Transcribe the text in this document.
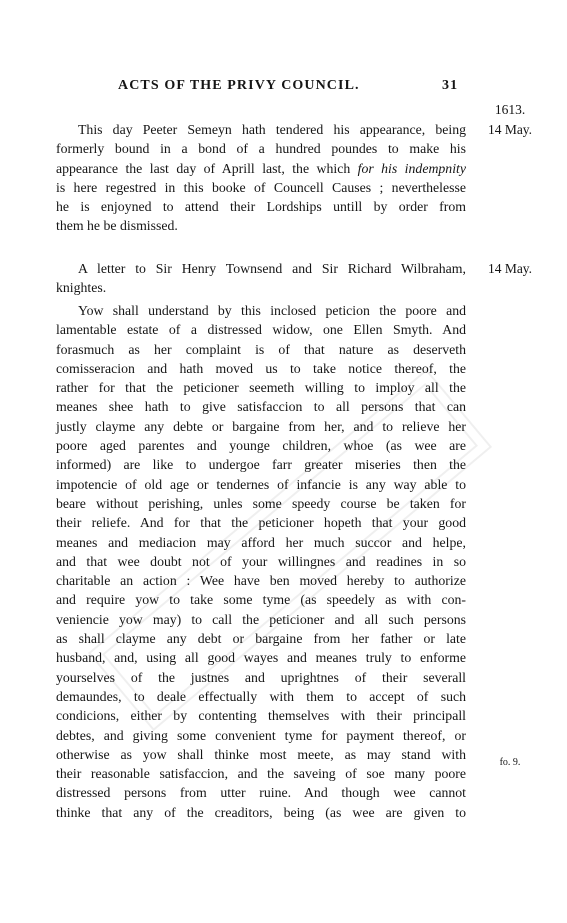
ACTS OF THE PRIVY COUNCIL.	31
1613.
14 May.
14 May.
fo. 9.
This day Peeter Semeyn hath tendered his appearance, being
formerly bound in a bond of a hundred poundes to make his
appearance the last day of Aprill last, the which for his indempnity
is here regestred in this booke of Councell Causes ; neverthelesse
he is enjoyned to attend their Lordships untill by order from
them he be dismissed.
A letter to Sir Henry Townsend and Sir Richard Wilbraham,
knightes.
Yow shall understand by this inclosed peticion the poore and
lamentable estate of a distressed widow, one Ellen Smyth. And
forasmuch as her complaint is of that nature as deserveth
comisseracion and hath moved us to take notice thereof, the
rather for that the peticioner seemeth willing to imploy all the
meanes shee hath to give satisfaccion to all persons that can
justly clayme any debte or bargaine from her, and to relieve her
poore aged parentes and younge children, whoe (as wee are
informed) are like to undergoe farr greater miseries then the
impotencie of old age or tendernes of infancie is any way able to
beare without perishing, unles some speedy course be taken for
their reliefe. And for that the peticioner hopeth that your good
meanes and mediacion may afford her much succor and helpe,
and that wee doubt not of your willingnes and readines in so
charitable an action : Wee have ben moved hereby to authorize
and require yow to take some tyme (as speedely as with con-
veniencie yow may) to call the peticioner and all such persons
as shall clayme any debt or bargaine from her father or late
husband, and, using all good wayes and meanes truly to enforme
yourselves of the justnes and uprightnes of their severall
demaundes, to deale effectually with them to accept of such
condicions, either by contenting themselves with their principall
debtes, and giving some convenient tyme for payment thereof, or
otherwise as yow shall thinke most meete, as may stand with
their reasonable satisfaccion, and the saveing of soe many poore
distressed persons from utter ruine. And though wee cannot
thinke that any of the creaditors, being (as wee are given to
